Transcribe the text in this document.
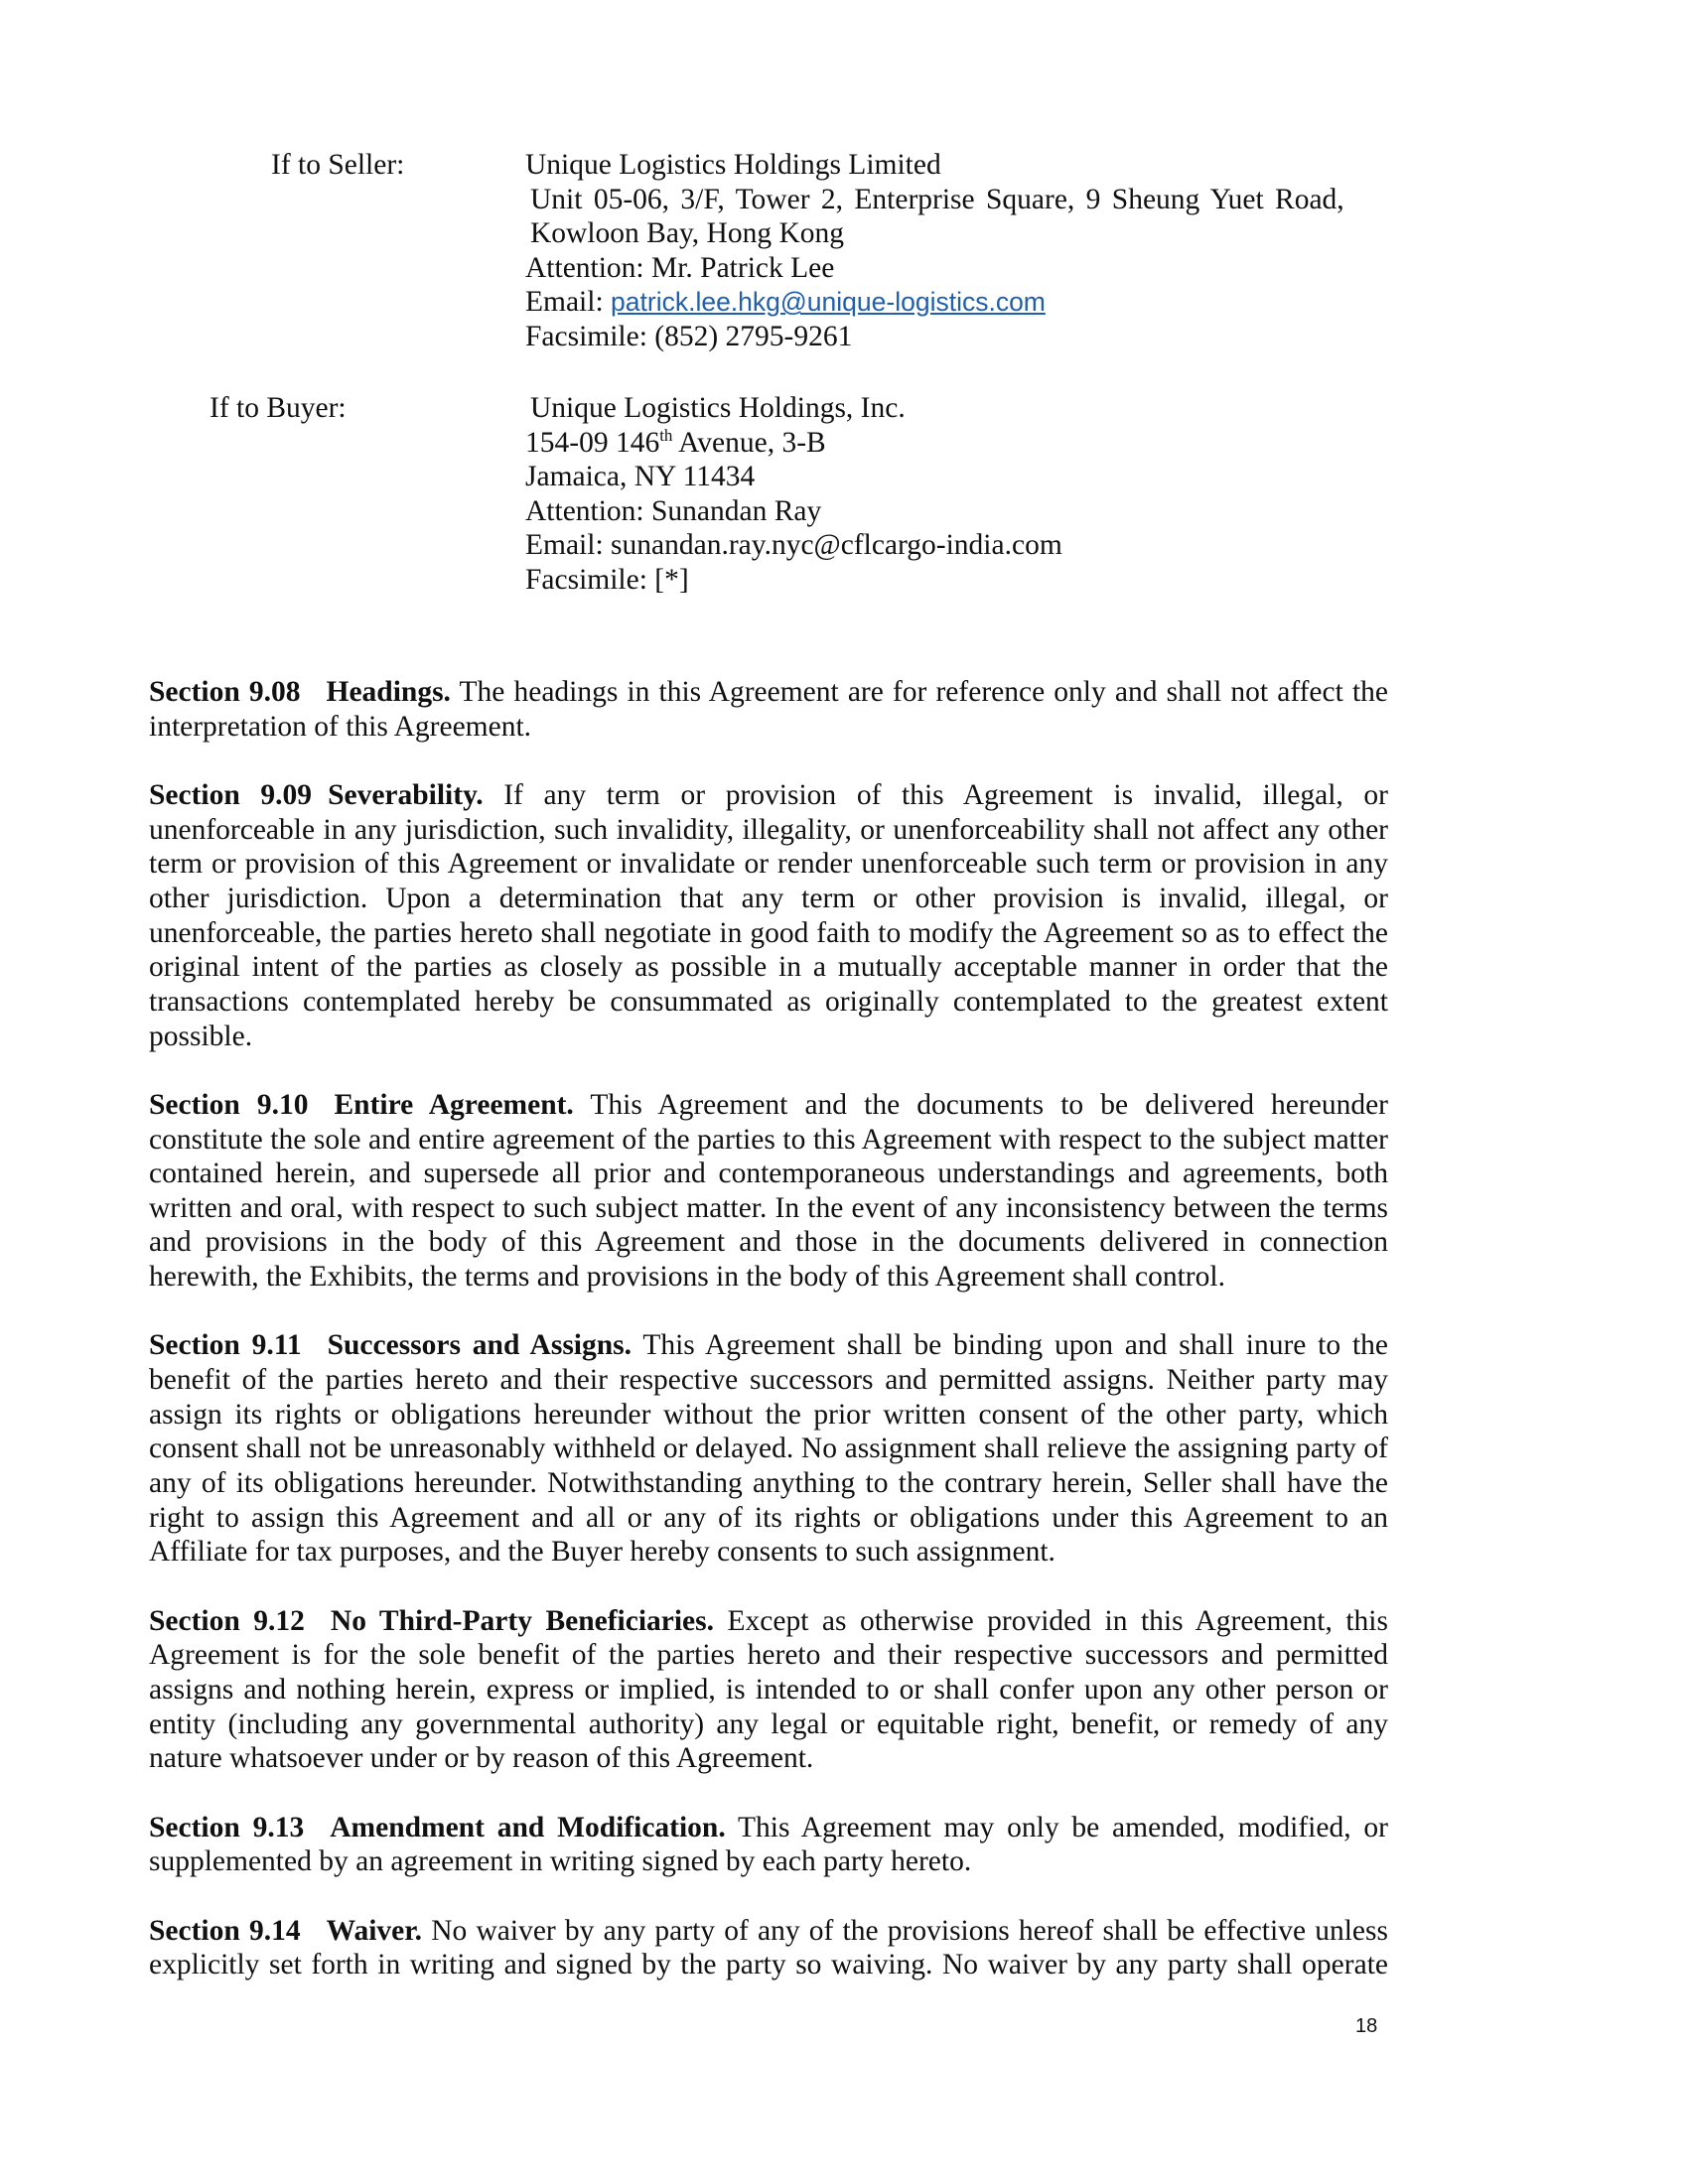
If to Seller:	Unique Logistics Holdings Limited
Unit 05-06, 3/F, Tower 2, Enterprise Square, 9 Sheung Yuet Road,
Kowloon Bay, Hong Kong
Attention: Mr. Patrick Lee
Email: patrick.lee.hkg@unique-logistics.com
Facsimile: (852) 2795-9261
If to Buyer:	Unique Logistics Holdings, Inc.
154-09 146th Avenue, 3-B
Jamaica, NY 11434
Attention: Sunandan Ray
Email: sunandan.ray.nyc@cflcargo-india.com
Facsimile: [*]

Section 9.08 Headings. The headings in this Agreement are for reference only and shall not affect the interpretation of this Agreement.

Section 9.09 Severability. If any term or provision of this Agreement is invalid, illegal, or unenforceable in any jurisdiction, such invalidity, illegality, or unenforceability shall not affect any other term or provision of this Agreement or invalidate or render unenforceable such term or provision in any other jurisdiction. Upon a determination that any term or other provision is invalid, illegal, or unenforceable, the parties hereto shall negotiate in good faith to modify the Agreement so as to effect the original intent of the parties as closely as possible in a mutually acceptable manner in order that the transactions contemplated hereby be consummated as originally contemplated to the greatest extent possible.

Section 9.10 Entire Agreement. This Agreement and the documents to be delivered hereunder constitute the sole and entire agreement of the parties to this Agreement with respect to the subject matter contained herein, and supersede all prior and contemporaneous understandings and agreements, both written and oral, with respect to such subject matter. In the event of any inconsistency between the terms and provisions in the body of this Agreement and those in the documents delivered in connection herewith, the Exhibits, the terms and provisions in the body of this Agreement shall control.

Section 9.11 Successors and Assigns. This Agreement shall be binding upon and shall inure to the benefit of the parties hereto and their respective successors and permitted assigns. Neither party may assign its rights or obligations hereunder without the prior written consent of the other party, which consent shall not be unreasonably withheld or delayed. No assignment shall relieve the assigning party of any of its obligations hereunder. Notwithstanding anything to the contrary herein, Seller shall have the right to assign this Agreement and all or any of its rights or obligations under this Agreement to an Affiliate for tax purposes, and the Buyer hereby consents to such assignment.

Section 9.12 No Third-Party Beneficiaries. Except as otherwise provided in this Agreement, this Agreement is for the sole benefit of the parties hereto and their respective successors and permitted assigns and nothing herein, express or implied, is intended to or shall confer upon any other person or entity (including any governmental authority) any legal or equitable right, benefit, or remedy of any nature whatsoever under or by reason of this Agreement.

Section 9.13 Amendment and Modification. This Agreement may only be amended, modified, or supplemented by an agreement in writing signed by each party hereto.

Section 9.14 Waiver. No waiver by any party of any of the provisions hereof shall be effective unless explicitly set forth in writing and signed by the party so waiving. No waiver by any party shall operate

18
